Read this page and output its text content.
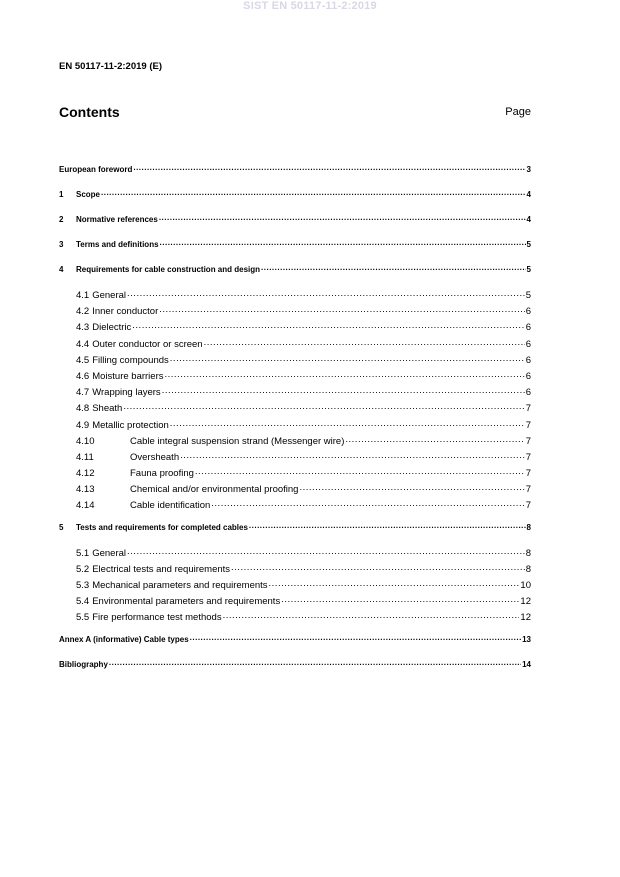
SIST EN 50117-11-2:2019
EN 50117-11-2:2019 (E)
Contents	Page
European foreword .....	3
1	Scope .....	4
2	Normative references .....	4
3	Terms and definitions .....	5
4	Requirements for cable construction and design .....	5
4.1 General .....	5
4.2 Inner conductor .....	6
4.3 Dielectric .....	6
4.4 Outer conductor or screen .....	6
4.5 Filling compounds .....	6
4.6 Moisture barriers .....	6
4.7 Wrapping layers .....	6
4.8 Sheath .....	7
4.9 Metallic protection .....	7
4.10	Cable integral suspension strand (Messenger wire) .....	7
4.11	Oversheath .....	7
4.12	Fauna proofing .....	7
4.13	Chemical and/or environmental proofing .....	7
4.14	Cable identification .....	7
5	Tests and requirements for completed cables .....	8
5.1 General .....	8
5.2 Electrical tests and requirements .....	8
5.3 Mechanical parameters and requirements .....	10
5.4 Environmental parameters and requirements .....	12
5.5 Fire performance test methods .....	12
Annex A (informative) Cable types .....	13
Bibliography .....	14
